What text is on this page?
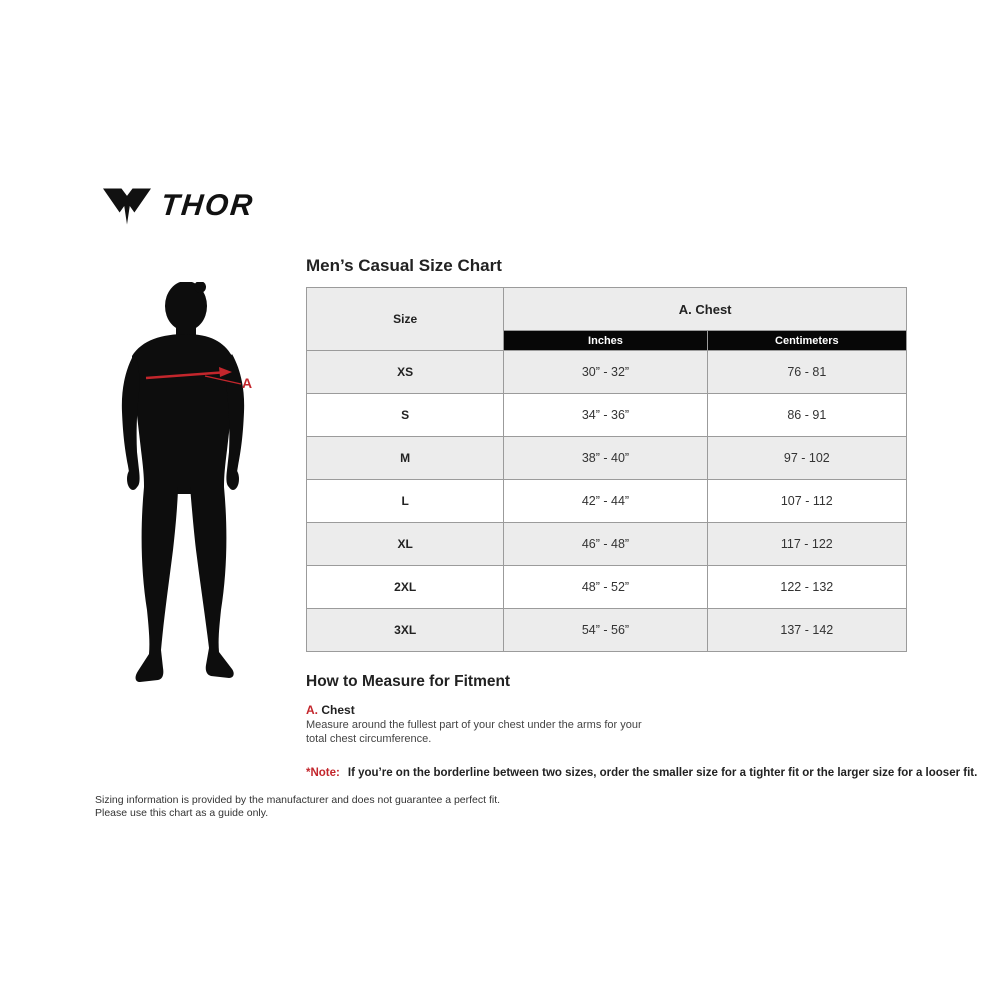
THOR
A
Men’s Casual Size Chart
Size	A. Chest	
	Inches	Centimeters
XS	30” - 32”	76 - 81
S	34” - 36”	86 - 91
M	38” - 40”	97 - 102
L	42” - 44”	107 - 112
XL	46” - 48”	117 - 122
2XL	48” - 52”	122 - 132
3XL	54” - 56”	137 - 142
How to Measure for Fitment
A. Chest
Measure around the fullest part of your chest under the arms for your
total chest circumference.
*Note: If you’re on the borderline between two sizes, order the smaller size for a tighter fit or the larger size for a looser fit.
Sizing information is provided by the manufacturer and does not guarantee a perfect fit.
Please use this chart as a guide only.
